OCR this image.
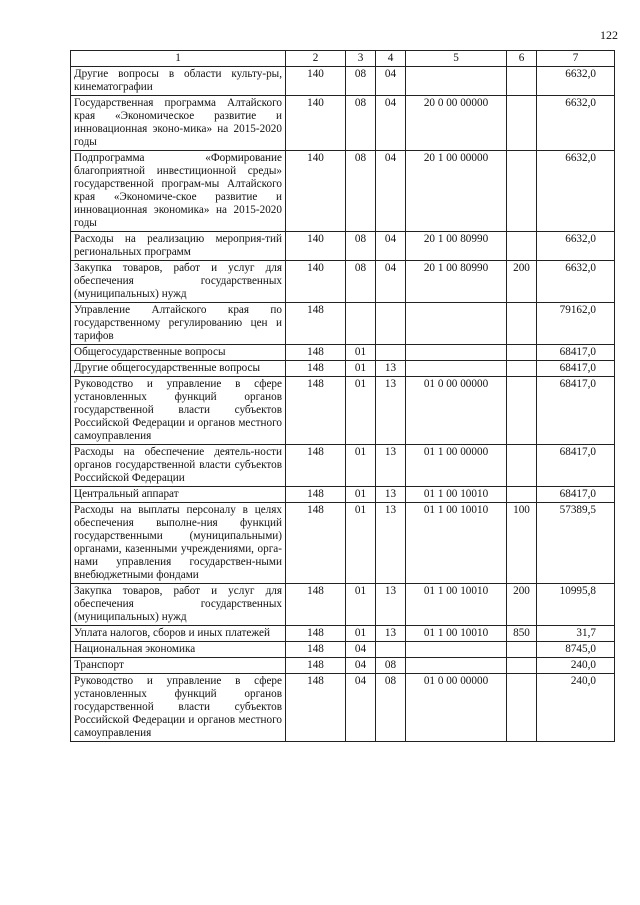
122
1	2	3	4	5	6	7
Другие вопросы в области культу-ры, кинематографии	140	08	04			6632,0
Государственная программа Алтайского края «Экономическое развитие и инновационная эконо-мика» на 2015-2020 годы	140	08	04	20 0 00 00000		6632,0
Подпрограмма «Формирование благоприятной инвестиционной среды» государственной програм-мы Алтайского края «Экономиче-ское развитие и инновационная экономика» на 2015-2020 годы	140	08	04	20 1 00 00000		6632,0
Расходы на реализацию мероприя-тий региональных программ	140	08	04	20 1 00 80990		6632,0
Закупка товаров, работ и услуг для обеспечения государственных (муниципальных) нужд	140	08	04	20 1 00 80990	200	6632,0
Управление Алтайского края по государственному регулированию цен и тарифов	148					79162,0
Общегосударственные вопросы	148	01				68417,0
Другие общегосударственные вопросы	148	01	13			68417,0
Руководство и управление в сфере установленных функций органов государственной власти субъектов Российской Федерации и органов местного самоуправления	148	01	13	01 0 00 00000		68417,0
Расходы на обеспечение деятель-ности органов государственной власти субъектов Российской Федерации	148	01	13	01 1 00 00000		68417,0
Центральный аппарат	148	01	13	01 1 00 10010		68417,0
Расходы на выплаты персоналу в целях обеспечения выполне-ния функций государственными (муниципальными) органами, казенными учреждениями, орга-нами управления государствен-ными внебюджетными фондами	148	01	13	01 1 00 10010	100	57389,5
Закупка товаров, работ и услуг для обеспечения государственных (муниципальных) нужд	148	01	13	01 1 00 10010	200	10995,8
Уплата налогов, сборов и иных платежей	148	01	13	01 1 00 10010	850	31,7
Национальная экономика	148	04				8745,0
Транспорт	148	04	08			240,0
Руководство и управление в сфере установленных функций органов государственной власти субъектов Российской Федерации и органов местного самоуправления	148	04	08	01 0 00 00000		240,0
